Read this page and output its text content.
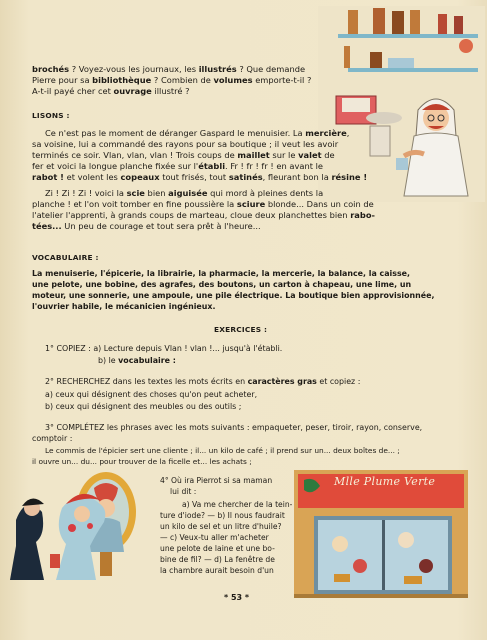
brochés ? Voyez-vous les journaux, les illustrés ? Que demande
Pierre pour sa bibliothèque ? Combien de volumes emporte-t-il ?
A-t-il payé cher cet ouvrage illustré ?
LISONS :
Ce n'est pas le moment de déranger Gaspard le menuisier. La mercière,
sa voisine, lui a commandé des rayons pour sa boutique ; il veut les avoir
terminés ce soir. Vlan, vlan, vlan ! Trois coups de maillet sur le valet de
fer et voici la longue planche fixée sur l'établi. Fr ! fr ! fr ! en avant le
rabot ! et volent les copeaux tout frisés, tout satinés, fleurant bon la résine !
Zi ! Zi ! Zi ! voici la scie bien aiguisée qui mord à pleines dents la
planche ! et l'on voit tomber en fine poussière la sciure blonde... Dans un coin de
l'atelier l'apprenti, à grands coups de marteau, cloue deux planchettes bien rabo-
tées... Un peu de courage et tout sera prêt à l'heure...
VOCABULAIRE :
La menuiserie, l'épicerie, la librairie, la pharmacie, la mercerie, la balance, la caisse,
une pelote, une bobine, des agrafes, des boutons, un carton à chapeau, une lime, un
moteur, une sonnerie, une ampoule, une pile électrique. La boutique bien approvisionnée,
l'ouvrier habile, le mécanicien ingénieux.
EXERCICES :
1° COPIEZ : a) Lecture depuis Vlan ! vlan !... jusqu'à l'établi.
b) le vocabulaire :
2° RECHERCHEZ dans les textes les mots écrits en caractères gras et copiez :
a) ceux qui désignent des choses qu'on peut acheter,
b) ceux qui désignent des meubles ou des outils ;
3° COMPLÉTEZ les phrases avec les mots suivants : empaqueter, peser, tiroir, rayon, conserve,
comptoir :
Le commis de l'épicier sert une cliente ; il... un kilo de café ; il prend sur un... deux boîtes de... ;
il ouvre un... du... pour trouver de la ficelle et... les achats ;
4° Où ira Pierrot si sa maman
lui dit :
a) Va me chercher de la tein-
ture d'iode? — b) Il nous faudrait
un kilo de sel et un litre d'huile?
— c) Veux-tu aller m'acheter
une pelote de laine et une bo-
bine de fil? — d) La fenêtre de
la chambre aurait besoin d'un
Mlle Plume Verte
* 53 *
